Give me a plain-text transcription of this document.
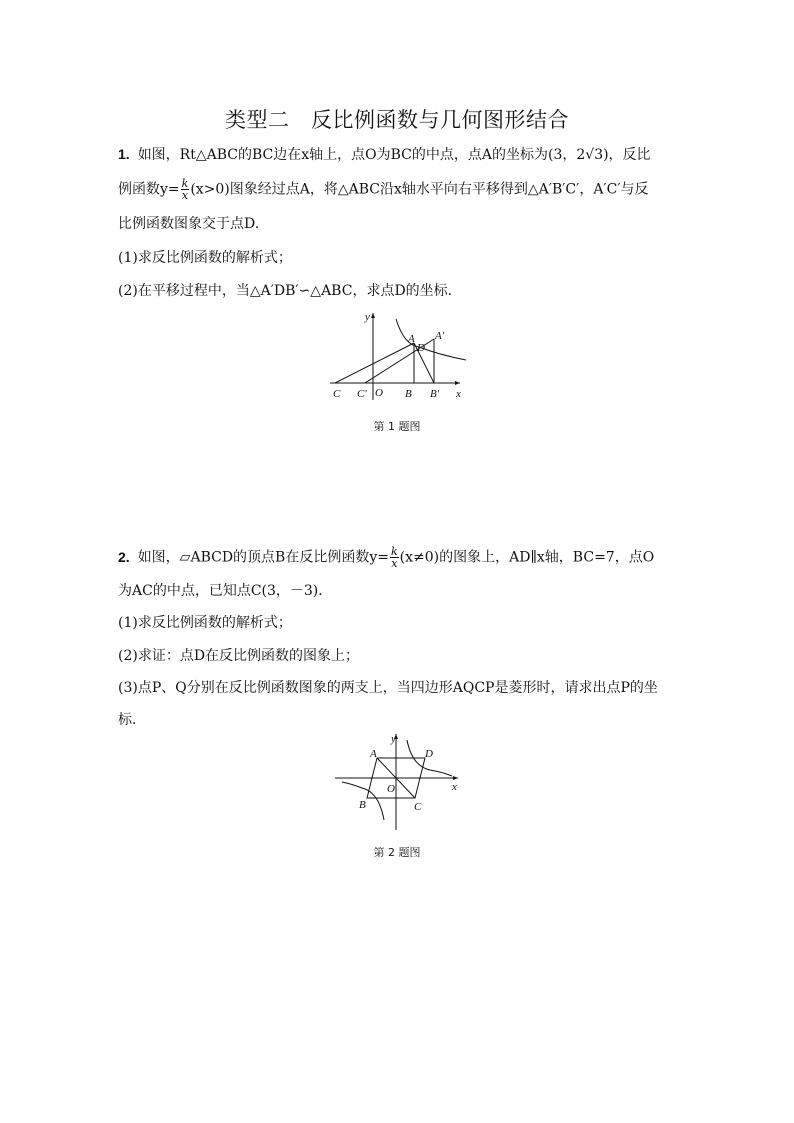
类型二　反比例函数与几何图形结合
1. 如图，Rt△ABC的BC边在x轴上，点O为BC的中点，点A的坐标为(3，2√3)，反比
例函数$y= \frac{k}{x} (x>0)$图象经过点A，将△ABC沿x轴水平向右平移得到△A′B′C′，A′C′与反
比例函数图象交于点D.
(1)求反比例函数的解析式；
(2)在平移过程中，当△A′DB′∽△ABC，求点D的坐标．
y
x
A
D
A′
C C′ O B B′
第 1 题图
2. 如图，▱ABCD的顶点B在反比例函数$y= \frac{k}{x} (x\ne 0)$的图象上，AD∥x轴，BC=7，点O
为AC的中点，已知点C(3，－3)．
(1)求反比例函数的解析式；
(2)求证：点D在反比例函数的图象上；
(3)点P、Q分别在反比例函数图象的两支上，当四边形AQCP是菱形时，请求出点P的坐
标．
y
x
A	D
O
B	C
第 2 题图
